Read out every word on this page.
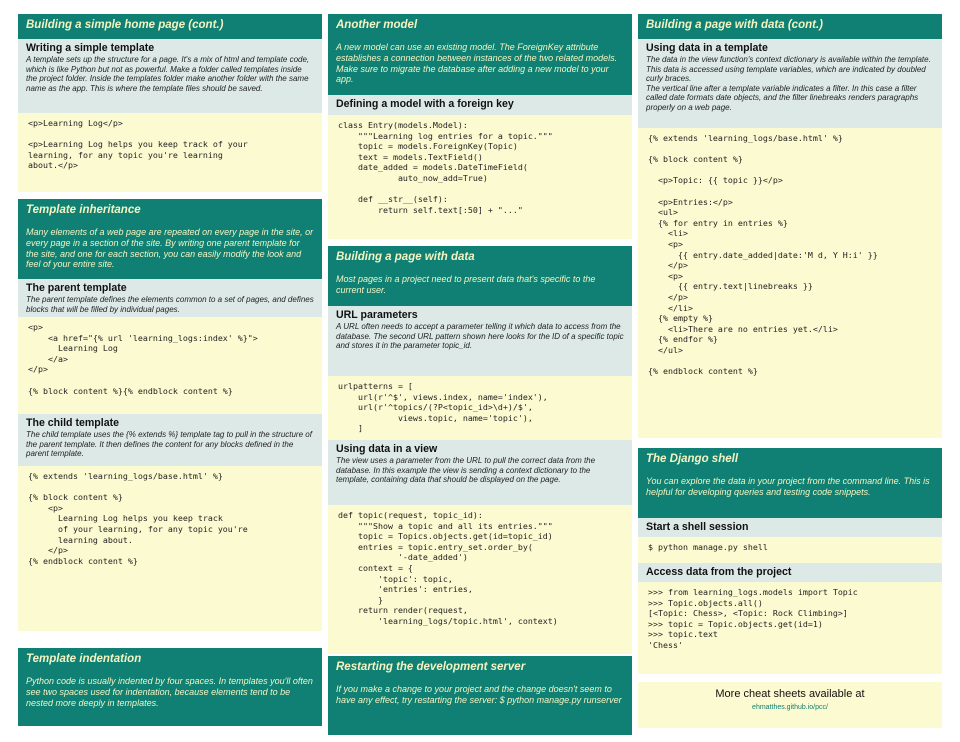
Building a simple home page (cont.)
Writing a simple template
A template sets up the structure for a page. It's a mix of html and template code, which is like Python but not as powerful. Make a folder called templates inside the project folder. Inside the templates folder make another folder with the same name as the app. This is where the template files should be saved.
<p>Learning Log</p>

<p>Learning Log helps you keep track of your
learning, for any topic you're learning
about.</p>
Template inheritance
Many elements of a web page are repeated on every page in the site, or every page in a section of the site. By writing one parent template for the site, and one for each section, you can easily modify the look and feel of your entire site.
The parent template
The parent template defines the elements common to a set of pages, and defines blocks that will be filled by individual pages.
<p>
<a href="{% url 'learning_logs:index' %}">
Learning Log
</a>
</p>

{% block content %}{% endblock content %}
The child template
The child template uses the {% extends %} template tag to pull in the structure of the parent template. It then defines the content for any blocks defined in the parent template.
{% extends 'learning_logs/base.html' %}

{% block content %}
<p>
Learning Log helps you keep track
of your learning, for any topic you're
learning about.
</p>
{% endblock content %}
Template indentation
Python code is usually indented by four spaces. In templates you'll often see two spaces used for indentation, because elements tend to be nested more deeply in templates.
Another model
A new model can use an existing model. The ForeignKey attribute establishes a connection between instances of the two related models. Make sure to migrate the database after adding a new model to your app.
Defining a model with a foreign key
class Entry(models.Model):
"""Learning log entries for a topic."""
topic = models.ForeignKey(Topic)
text = models.TextField()
date_added = models.DateTimeField(
auto_now_add=True)

def __str__(self):
return self.text[:50] + "..."
Building a page with data
Most pages in a project need to present data that's specific to the current user.
URL parameters
A URL often needs to accept a parameter telling it which data to access from the database. The second URL pattern shown here looks for the ID of a specific topic and stores it in the parameter topic_id.
urlpatterns = [
url(r'^$', views.index, name='index'),
url(r'^topics/(?P<topic_id>\d+)/$',
views.topic, name='topic'),
]
Using data in a view
The view uses a parameter from the URL to pull the correct data from the database. In this example the view is sending a context dictionary to the template, containing data that should be displayed on the page.
def topic(request, topic_id):
"""Show a topic and all its entries."""
topic = Topics.objects.get(id=topic_id)
entries = topic.entry_set.order_by(
'-date_added')
context = {
'topic': topic,
'entries': entries,
}
return render(request,
'learning_logs/topic.html', context)
Restarting the development server
If you make a change to your project and the change doesn't seem to have any effect, try restarting the server: $ python manage.py runserver
Building a page with data (cont.)
Using data in a template
The data in the view function's context dictionary is available within the template. This data is accessed using template variables, which are indicated by doubled curly braces.
The vertical line after a template variable indicates a filter. In this case a filter called date formats date objects, and the filter linebreaks renders paragraphs properly on a web page.
{% extends 'learning_logs/base.html' %}

{% block content %}

<p>Topic: {{ topic }}</p>

<p>Entries:</p>
<ul>
{% for entry in entries %}
<li>
<p>
{{ entry.date_added|date:'M d, Y H:i' }}
</p>
<p>
{{ entry.text|linebreaks }}
</p>
</li>
{% empty %}
<li>There are no entries yet.</li>
{% endfor %}
</ul>

{% endblock content %}
The Django shell
You can explore the data in your project from the command line. This is helpful for developing queries and testing code snippets.
Start a shell session
$ python manage.py shell
Access data from the project
>>> from learning_logs.models import Topic
>>> Topic.objects.all()
[<Topic: Chess>, <Topic: Rock Climbing>]
>>> topic = Topic.objects.get(id=1)
>>> topic.text
'Chess'
More cheat sheets available at
ehmatthes.github.io/pcc/
